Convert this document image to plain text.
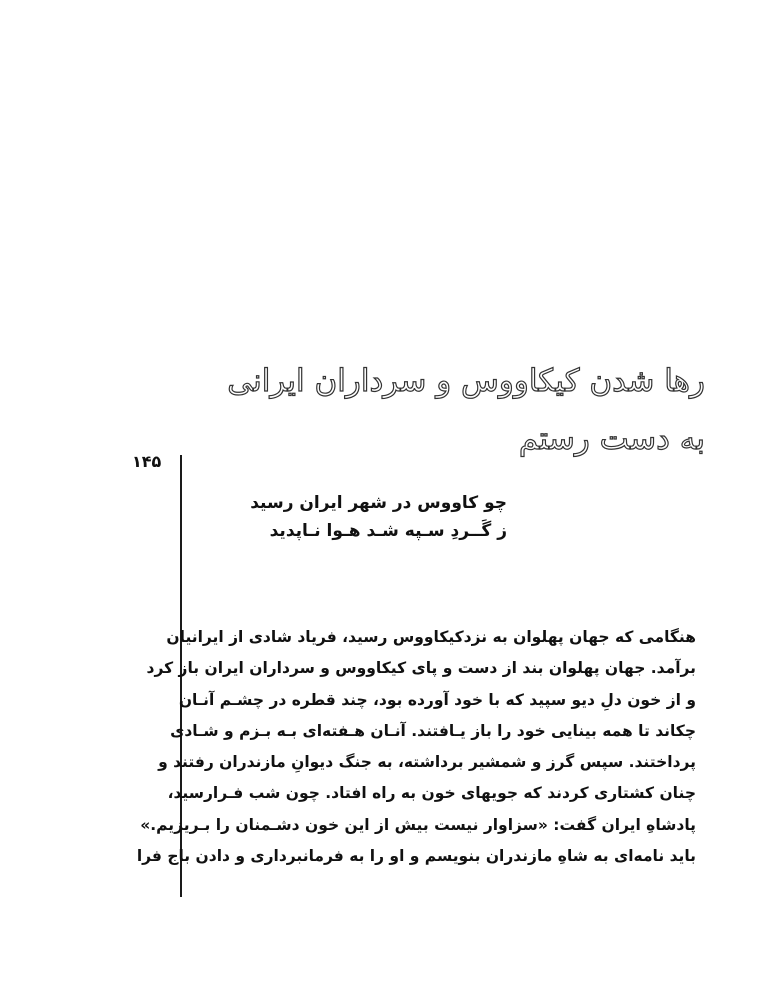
رها شدن کیکاووس و سرداران ایرانی
به دست رستم
۱۴۵
چو کاووس در شهر ایران رسید
ز گَــردِ سـپه شـد هـوا نـاپدید
هنگامی که جهان پهلوان به نزدکیکاووس رسید، فریاد شادی از ایرانیان
برآمد. جهان پهلوان بند از دست و پای کیکاووس و سرداران ایران باز کرد
و از خون دلِ دیو سپید که با خود آورده بود، چند قطره در چشـم آنـان
چکاند تا همه بینایی خود را باز یـافتند. آنـان هـفته‌ای بـه بـزم و شـادی
پرداختند. سپس گرز و شمشیر برداشته، به جنگ دیوانِ مازندران رفتند و
چنان کشتاری کردند که جویهای خون به راه افتاد. چون شب فـرارسید،
پادشاهِ ایران گفت: «سزاوار نیست بیش از این خون دشـمنان را بـریزیم.»
باید نامه‌ای به شاهِ مازندران بنویسم و او را به فرمانبرداری و دادن باج فرا
